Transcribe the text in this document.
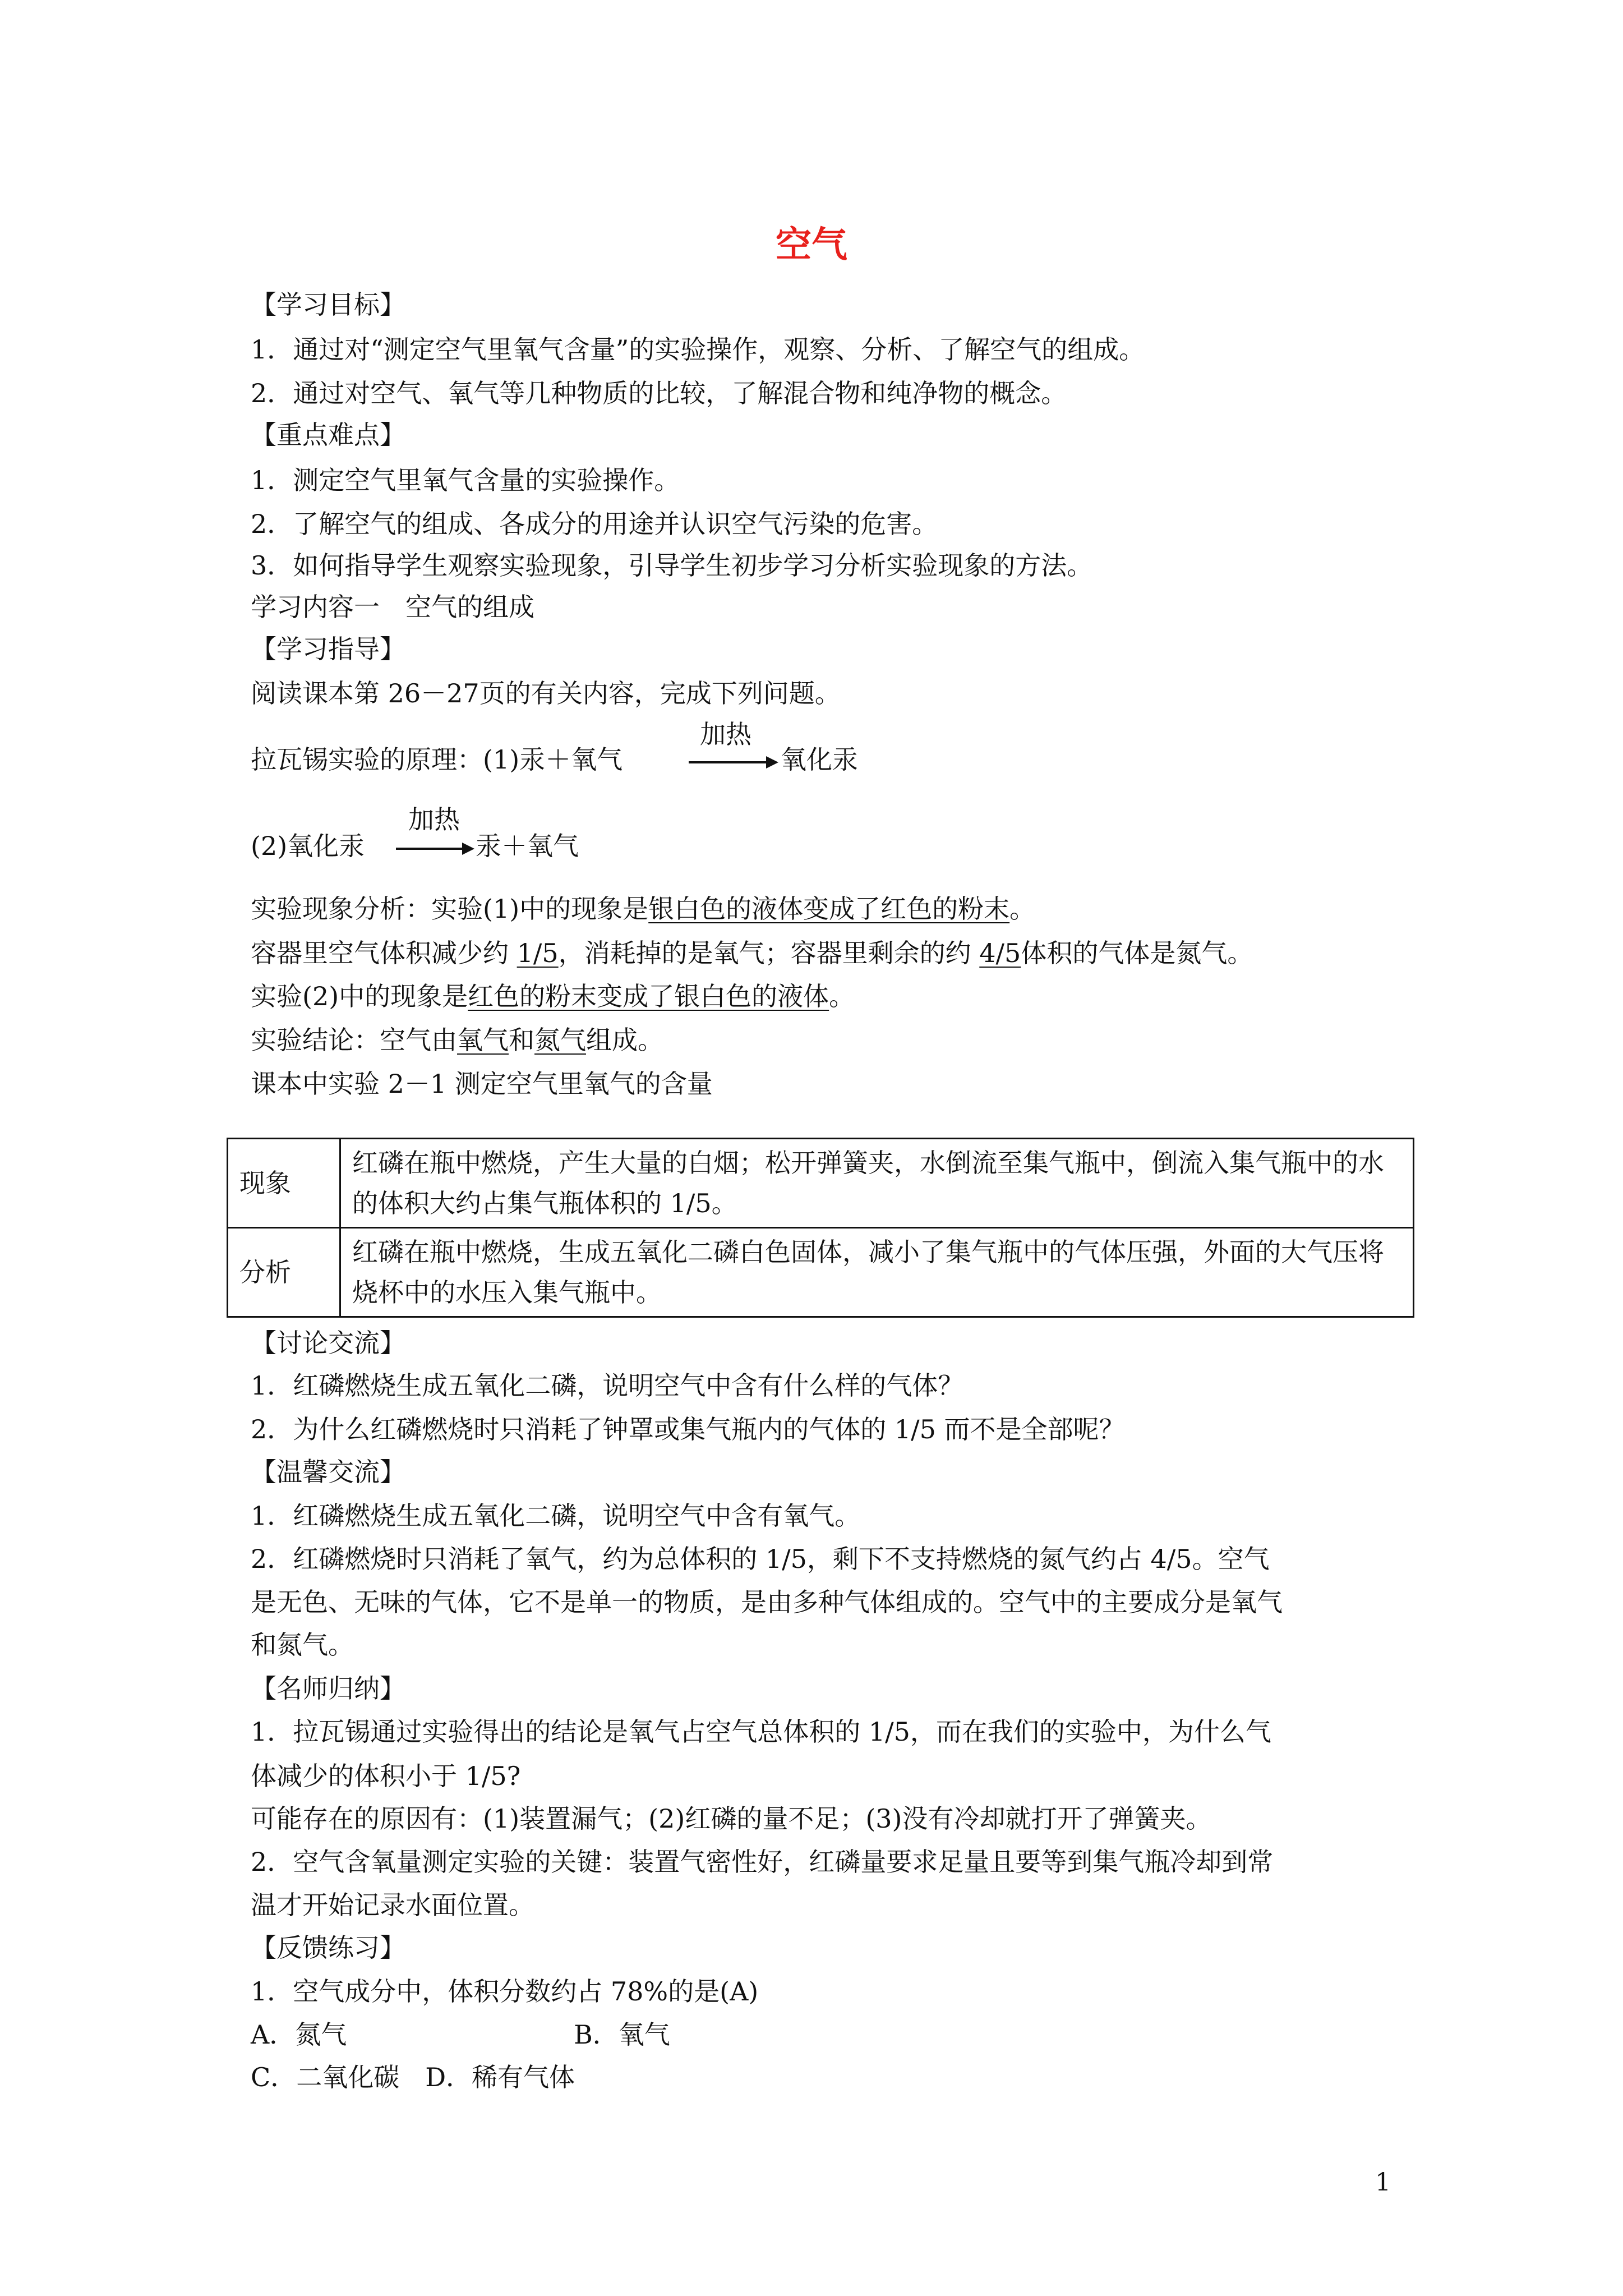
空气
【学习目标】
1．通过对“测定空气里氧气含量”的实验操作，观察、分析、了解空气的组成。
2．通过对空气、氧气等几种物质的比较，了解混合物和纯净物的概念。
【重点难点】
1．测定空气里氧气含量的实验操作。
2．了解空气的组成、各成分的用途并认识空气污染的危害。
3．如何指导学生观察实验现象，引导学生初步学习分析实验现象的方法。
学习内容一　空气的组成
【学习指导】
阅读课本第 26－27页的有关内容，完成下列问题。
拉瓦锡实验的原理：(1)汞＋氧气
加热
氧化汞
(2)氧化汞
加热
汞＋氧气
实验现象分析：实验(1)中的现象是银白色的液体变成了红色的粉末。
容器里空气体积减少约 1/5，消耗掉的是氧气；容器里剩余的约 4/5体积的气体是氮气。
实验(2)中的现象是红色的粉末变成了银白色的液体。
实验结论：空气由氧气和氮气组成。
课本中实验 2－1 测定空气里氧气的含量
现象	红磷在瓶中燃烧，产生大量的白烟；松开弹簧夹，水倒流至集气瓶中，倒流入集气瓶中的水的体积大约占集气瓶体积的 1/5。
分析	红磷在瓶中燃烧，生成五氧化二磷白色固体，减小了集气瓶中的气体压强，外面的大气压将烧杯中的水压入集气瓶中。
【讨论交流】
1．红磷燃烧生成五氧化二磷，说明空气中含有什么样的气体？
2．为什么红磷燃烧时只消耗了钟罩或集气瓶内的气体的 1/5 而不是全部呢？
【温馨交流】
1．红磷燃烧生成五氧化二磷，说明空气中含有氧气。
2．红磷燃烧时只消耗了氧气，约为总体积的 1/5，剩下不支持燃烧的氮气约占 4/5。空气
是无色、无味的气体，它不是单一的物质，是由多种气体组成的。空气中的主要成分是氧气
和氮气。
【名师归纳】
1．拉瓦锡通过实验得出的结论是氧气占空气总体积的 1/5，而在我们的实验中，为什么气
体减少的体积小于 1/5?
可能存在的原因有：(1)装置漏气；(2)红磷的量不足；(3)没有冷却就打开了弹簧夹。
2．空气含氧量测定实验的关键：装置气密性好，红磷量要求足量且要等到集气瓶冷却到常
温才开始记录水面位置。
【反馈练习】
1．空气成分中，体积分数约占 78%的是(A)
A．氮气	B．氧气
C．二氧化碳　D．稀有气体
1
